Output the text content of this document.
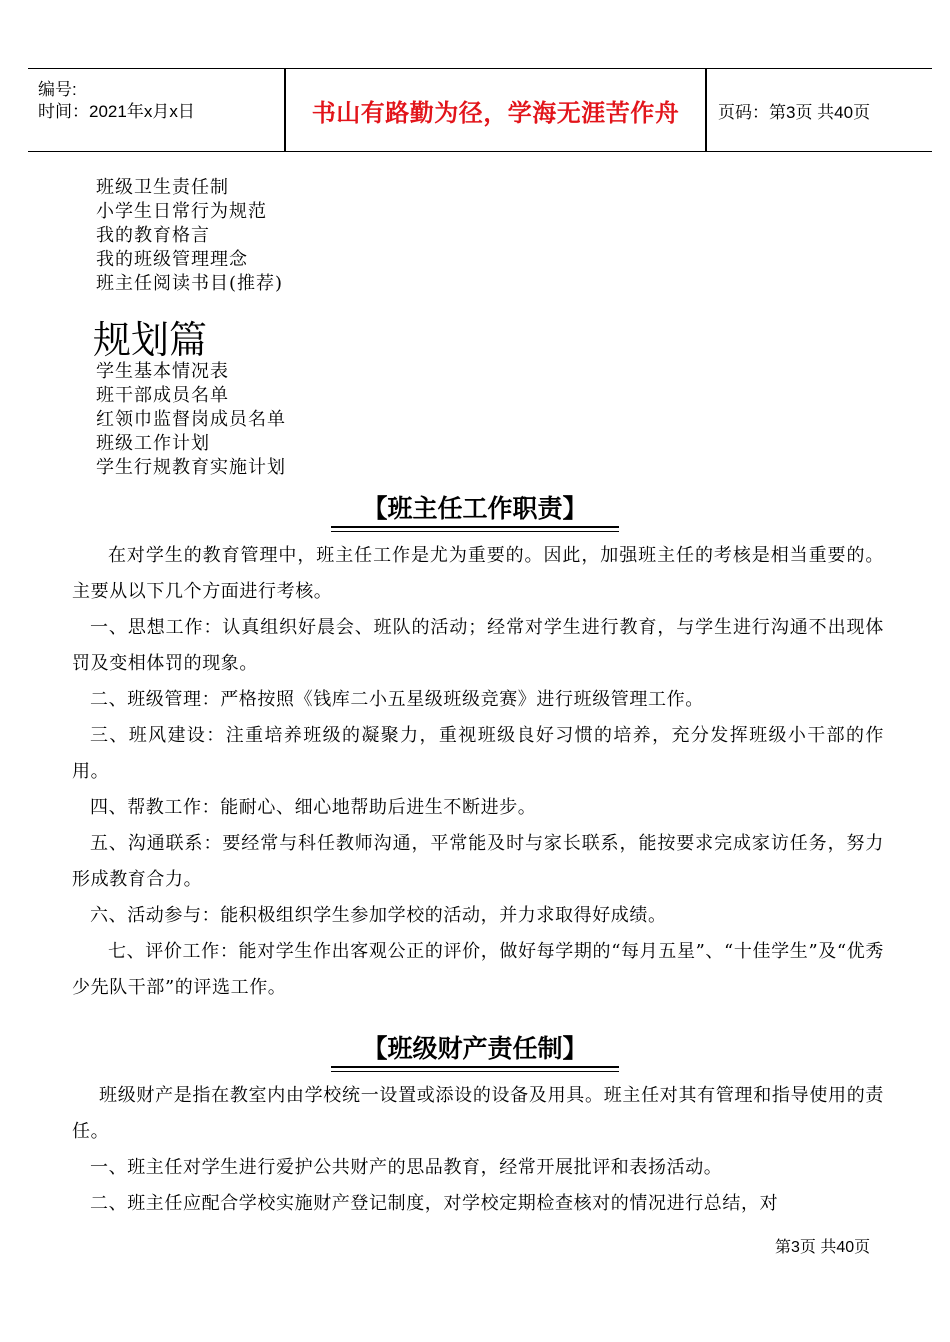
编号:
时间：2021年x月x日	书山有路勤为径，学海无涯苦作舟	页码：第3页 共40页
班级卫生责任制
小学生日常行为规范
我的教育格言
我的班级管理理念
班主任阅读书目(推荐)
规划篇
学生基本情况表
班干部成员名单
红领巾监督岗成员名单
班级工作计划
学生行规教育实施计划
【班主任工作职责】

在对学生的教育管理中，班主任工作是尤为重要的。因此，加强班主任的考核是相当重要的。主要从以下几个方面进行考核。

一、思想工作：认真组织好晨会、班队的活动；经常对学生进行教育，与学生进行沟通不出现体罚及变相体罚的现象。

二、班级管理：严格按照《钱库二小五星级班级竞赛》进行班级管理工作。

三、班风建设：注重培养班级的凝聚力，重视班级良好习惯的培养，充分发挥班级小干部的作用。

四、帮教工作：能耐心、细心地帮助后进生不断进步。

五、沟通联系：要经常与科任教师沟通，平常能及时与家长联系，能按要求完成家访任务，努力形成教育合力。

六、活动参与：能积极组织学生参加学校的活动，并力求取得好成绩。

七、评价工作：能对学生作出客观公正的评价，做好每学期的“每月五星”、“十佳学生”及“优秀少先队干部”的评选工作。

【班级财产责任制】

班级财产是指在教室内由学校统一设置或添设的设备及用具。班主任对其有管理和指导使用的责任。

一、班主任对学生进行爱护公共财产的思品教育，经常开展批评和表扬活动。

二、班主任应配合学校实施财产登记制度，对学校定期检查核对的情况进行总结，对

第3页 共40页
